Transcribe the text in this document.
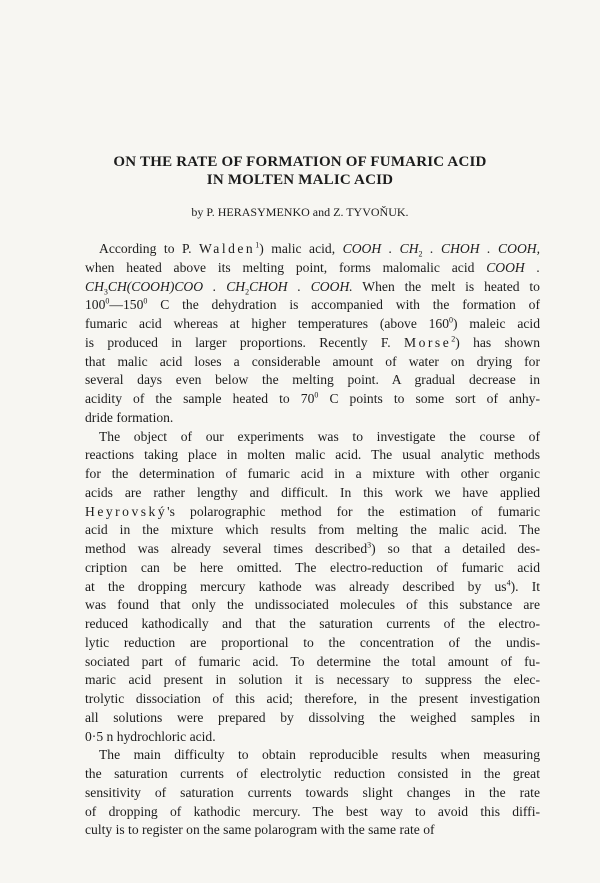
ON THE RATE OF FORMATION OF FUMARIC ACID
IN MOLTEN MALIC ACID
by P. HERASYMENKO and Z. TYVOŇUK.
According to P. Walden$^1$) malic acid, COOH . $CH_2$ . CHOH . COOH,
when heated above its melting point, forms malomalic acid COOH .
$CH_3CH(COOH)COO$ . $CH_2CHOH$ . COOH. When the melt is heated to
$100^0—150^0$ C the dehydration is accompanied with the formation of
fumaric acid whereas at higher temperatures (above $160^0$) maleic acid
is produced in larger proportions. Recently F. Morse$^2$) has shown
that malic acid loses a considerable amount of water on drying for
several days even below the melting point. A gradual decrease in
acidity of the sample heated to $70^0$ C points to some sort of anhy-
dride formation.
The object of our experiments was to investigate the course of
reactions taking place in molten malic acid. The usual analytic methods
for the determination of fumaric acid in a mixture with other organic
acids are rather lengthy and difficult. In this work we have applied
Heyrovský's polarographic method for the estimation of fumaric
acid in the mixture which results from melting the malic acid. The
method was already several times described$^3$) so that a detailed des-
cription can be here omitted. The electro-reduction of fumaric acid
at the dropping mercury kathode was already described by $us^4$). It
was found that only the undissociated molecules of this substance are
reduced kathodically and that the saturation currents of the electro-
lytic reduction are proportional to the concentration of the undis-
sociated part of fumaric acid. To determine the total amount of fu-
maric acid present in solution it is necessary to suppress the elec-
trolytic dissociation of this acid; therefore, in the present investigation
all solutions were prepared by dissolving the weighed samples in
0·5 n hydrochloric acid.
The main difficulty to obtain reproducible results when measuring
the saturation currents of electrolytic reduction consisted in the great
sensitivity of saturation currents towards slight changes in the rate
of dropping of kathodic mercury. The best way to avoid this diffi-
culty is to register on the same polarogram with the same rate of
